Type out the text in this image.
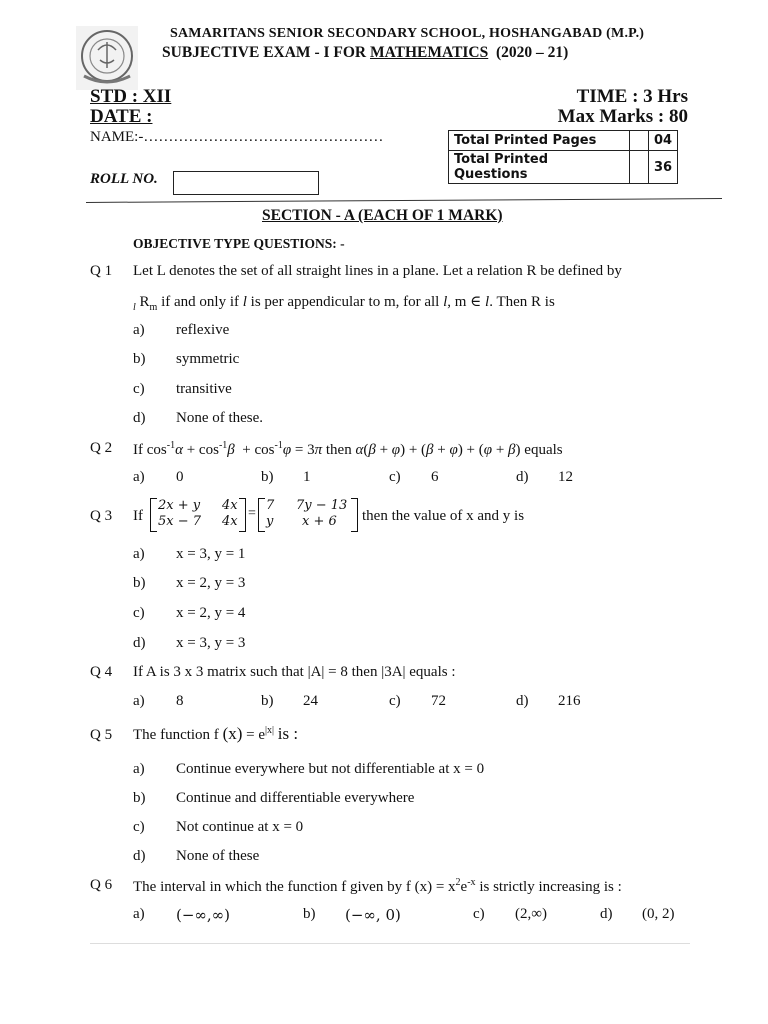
SAMARITANS SENIOR SECONDARY SCHOOL, HOSHANGABAD (M.P.)
SUBJECTIVE EXAM - I FOR MATHEMATICS (2020 – 21)
STD : XII
DATE :
TIME : 3 Hrs
Max Marks : 80
NAME:-…………………………………………	Total Printed Pages		04
Total Printed Questions		36
ROLL NO.
SECTION - A (EACH OF 1 MARK)
OBJECTIVE TYPE QUESTIONS: -
Q 1 Let L denotes the set of all straight lines in a plane. Let a relation R be defined by
$_l$ $R_m$ if and only if l is per appendicular to m, for all l, m ∈ l. Then R is
a) reflexive
b) symmetric
c) transitive
d) None of these.
Q 2 If $\cos^{-1}\alpha + \cos^{-1}\beta + \cos^{-1}\varphi = 3\pi$ then α(β + φ) + (β + φ) + (φ + β) equals
a) 0	b) 1	c) 6	d) 12
Q 3 If
2x + y 4x
5x − 7 4x
=
7 7y − 13
y x + 6 then the value of x and y is
a) x = 3, y = 1
b) x = 2, y = 3
c) x = 2, y = 4
d) x = 3, y = 3
Q 4 If A is 3 x 3 matrix such that |A| = 8 then |3A| equals :
a) 8	b) 24	c) 72	d) 216
Q 5 The function f $(x) = e^{|x|}$ is :
a) Continue everywhere but not differentiable at x = 0
b) Continue and differentiable everywhere
c) Not continue at x = 0
d) None of these
Q 6 The interval in which the function f given by f $(x) = x^2e^{-x}$ is strictly increasing is :
a) (−∞,∞)	b) (−∞, 0)	c) (2,∞)	d) (0, 2)
